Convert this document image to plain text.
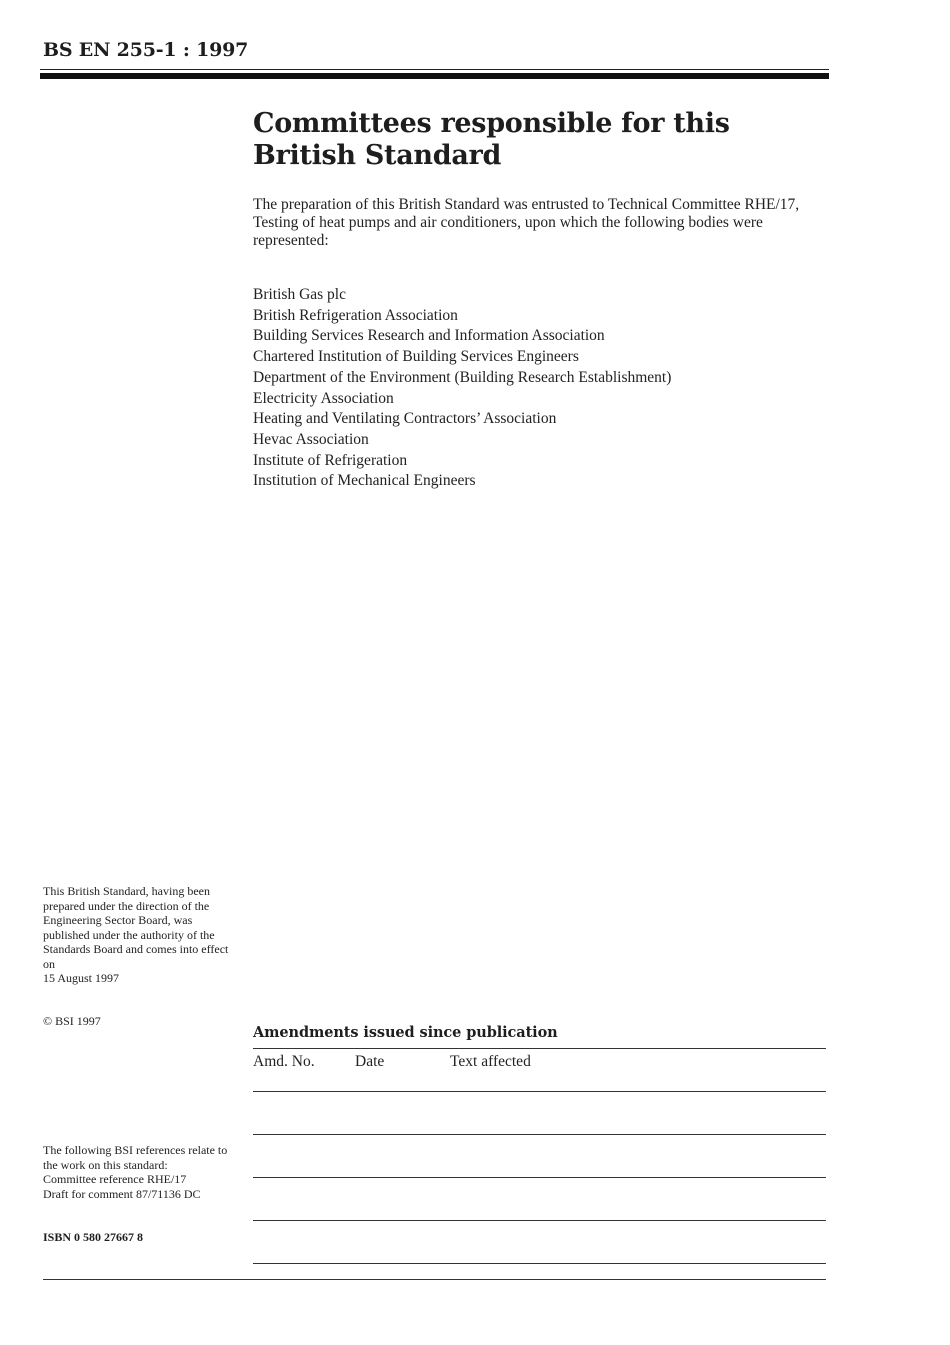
BS EN 255-1 : 1997
Committees responsible for this
British Standard

The preparation of this British Standard was entrusted to Technical Committee RHE/17, Testing of heat pumps and air conditioners, upon which the following bodies were represented:

British Gas plc
British Refrigeration Association
Building Services Research and Information Association
Chartered Institution of Building Services Engineers
Department of the Environment (Building Research Establishment)
Electricity Association
Heating and Ventilating Contractors’ Association
Hevac Association
Institute of Refrigeration
Institution of Mechanical Engineers

This British Standard, having been prepared under the direction of the Engineering Sector Board, was published under the authority of the Standards Board and comes into effect on
15 August 1997

© BSI 1997
Amendments issued since publication
Amd. No.	Date	Text affected

The following BSI references relate to the work on this standard:
Committee reference RHE/17
Draft for comment 87/71136 DC

ISBN 0 580 27667 8
